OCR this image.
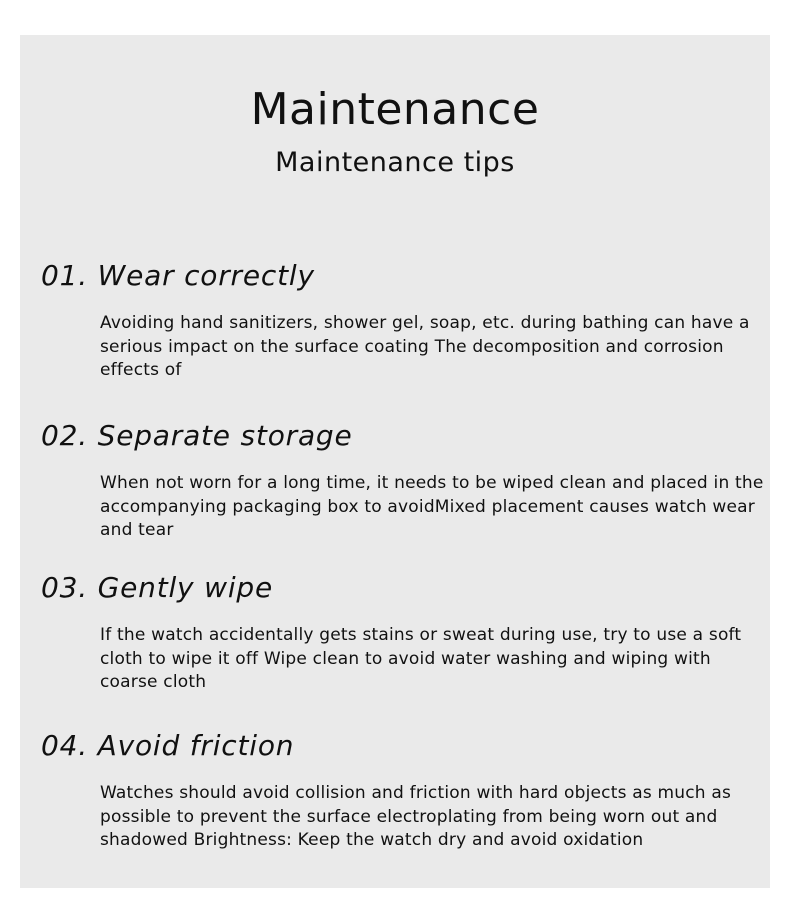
Maintenance
Maintenance tips
01. Wear correctly

Avoiding hand sanitizers, shower gel, soap, etc. during bathing can have a serious impact on the surface coating The decomposition and corrosion effects of

02. Separate storage

When not worn for a long time, it needs to be wiped clean and placed in the accompanying packaging box to avoidMixed placement causes watch wear and tear

03. Gently wipe

If the watch accidentally gets stains or sweat during use, try to use a soft cloth to wipe it off Wipe clean to avoid water washing and wiping with coarse cloth

04. Avoid friction

Watches should avoid collision and friction with hard objects as much as possible to prevent the surface electroplating from being worn out and shadowed Brightness: Keep the watch dry and avoid oxidation
